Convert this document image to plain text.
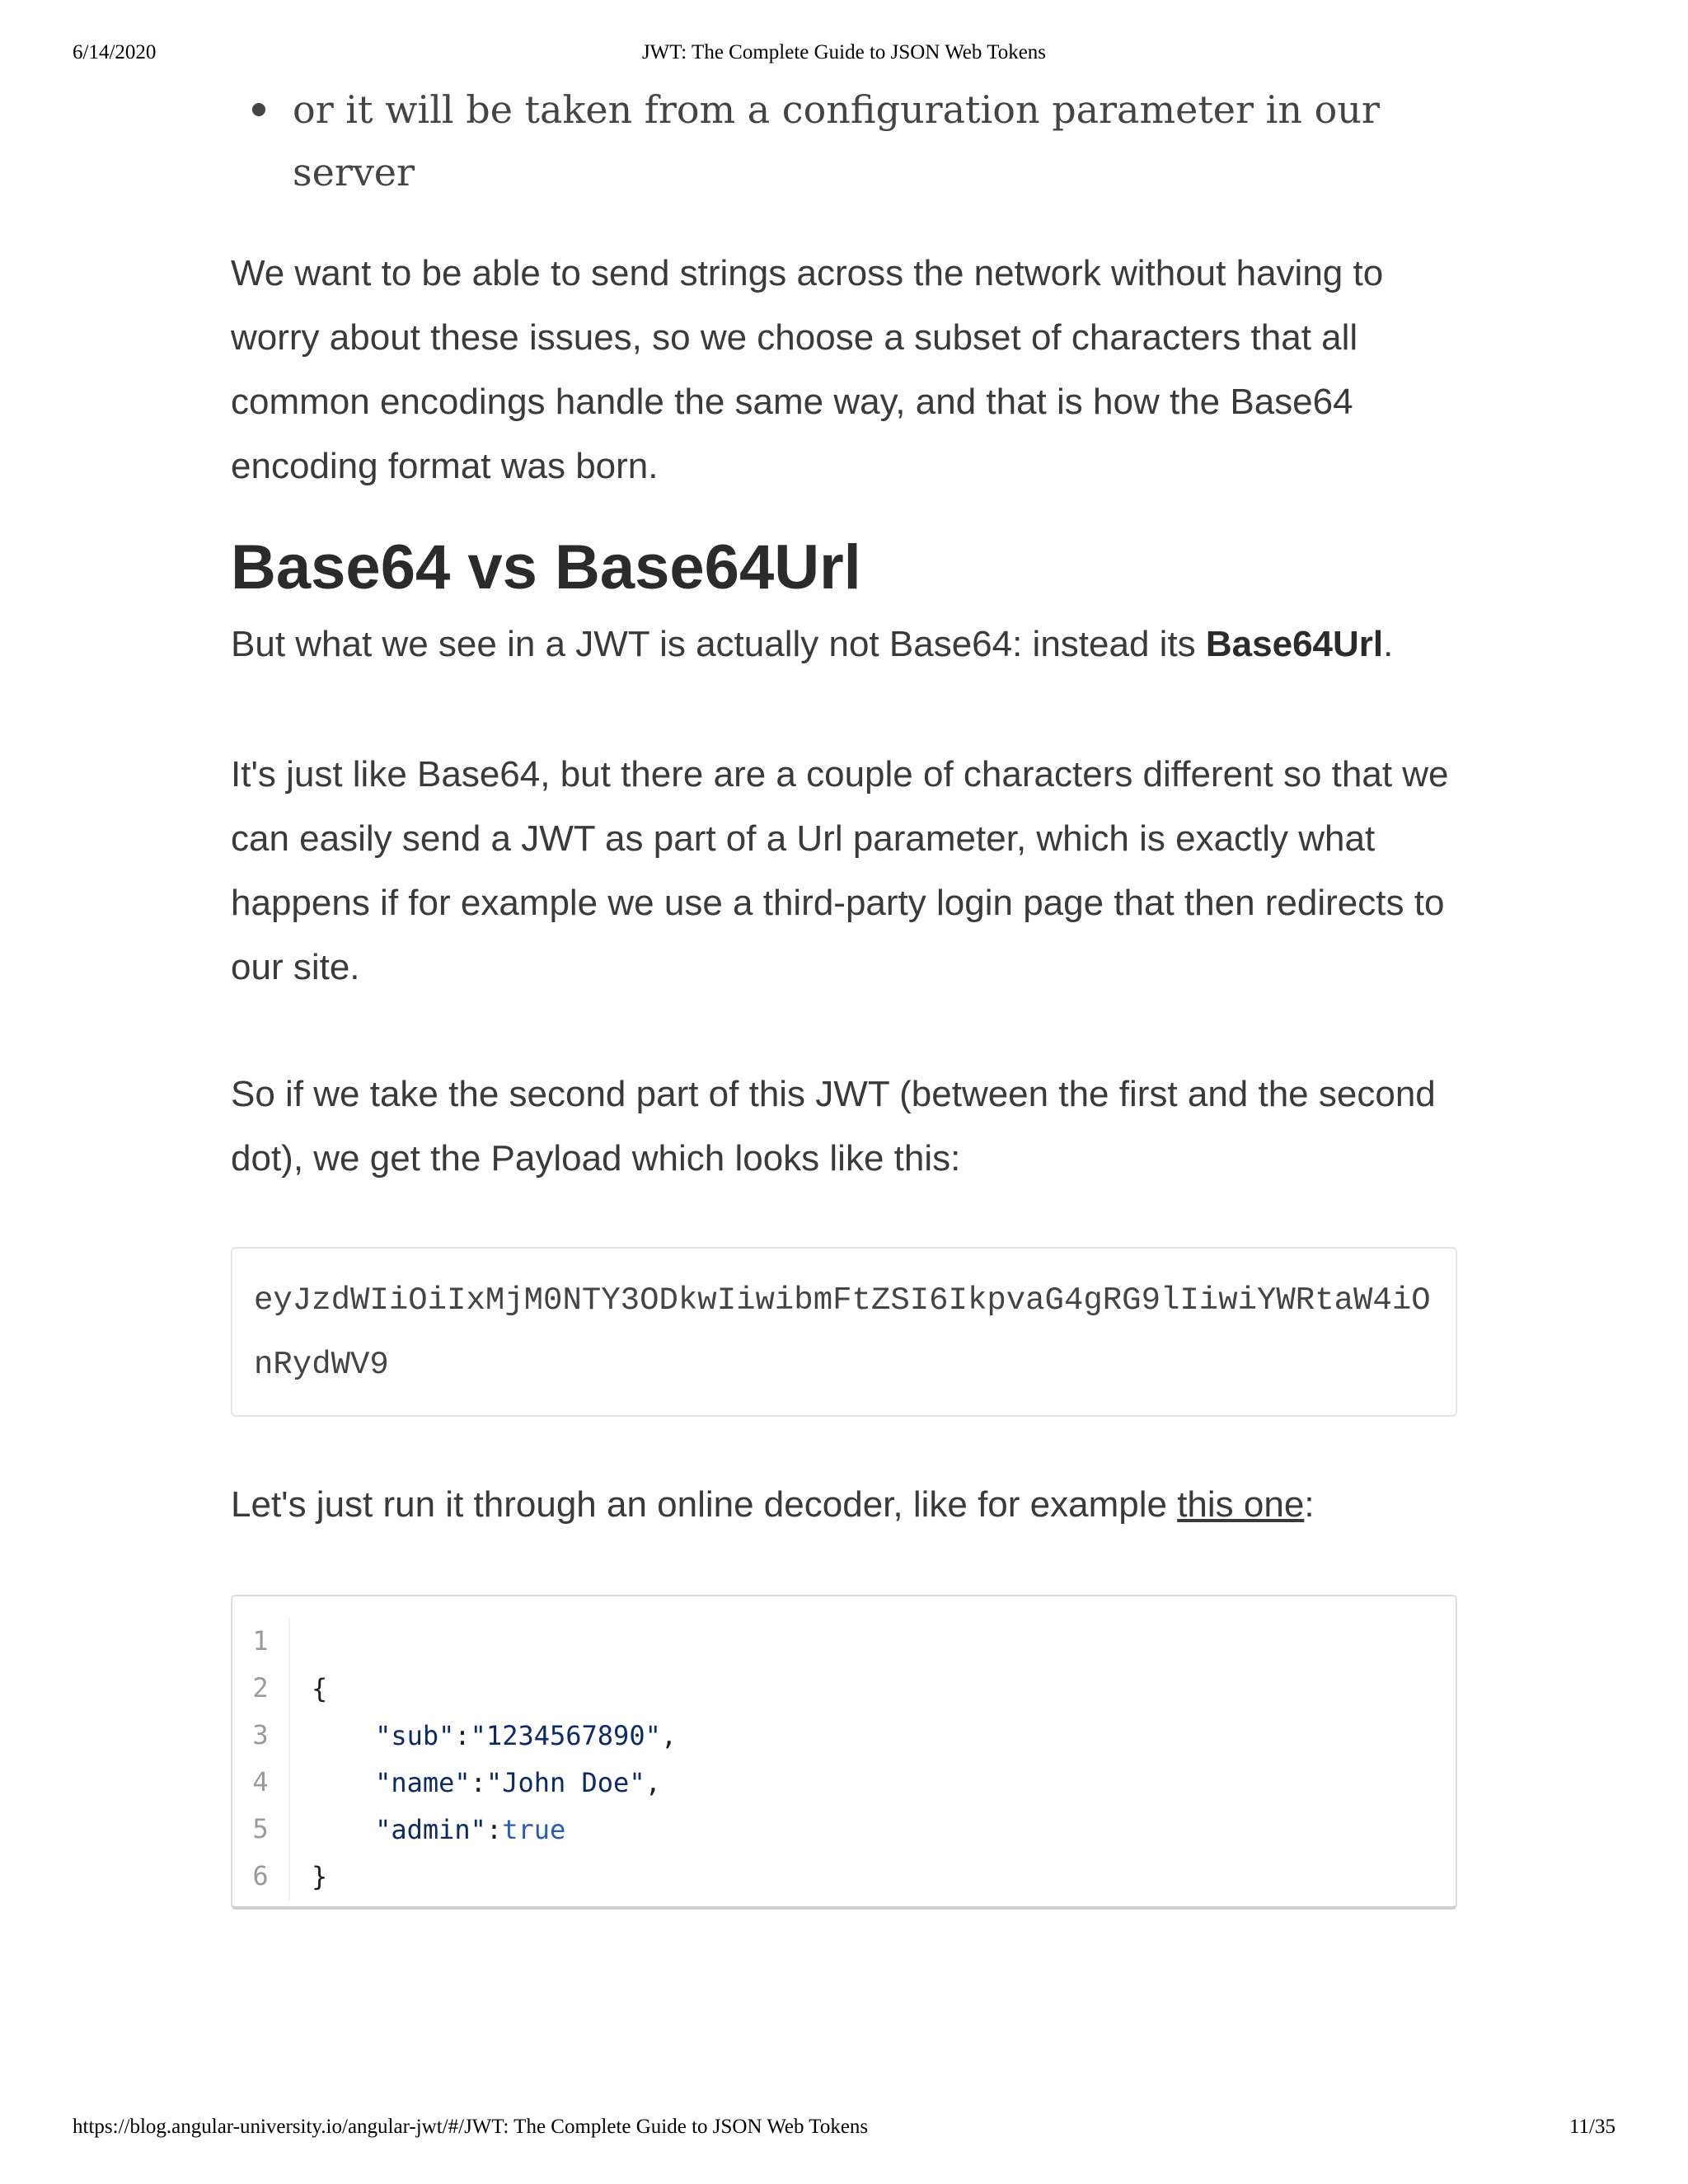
6/14/2020	JWT: The Complete Guide to JSON Web Tokens

or it will be taken from a configuration parameter in our server

We want to be able to send strings across the network without having to worry about these issues, so we choose a subset of characters that all common encodings handle the same way, and that is how the Base64 encoding format was born.

Base64 vs Base64Url

But what we see in a JWT is actually not Base64: instead its Base64Url.

It's just like Base64, but there are a couple of characters different so that we can easily send a JWT as part of a Url parameter, which is exactly what happens if for example we use a third-party login page that then redirects to our site.

So if we take the second part of this JWT (between the first and the second dot), we get the Payload which looks like this:

eyJzdWIiOiIxMjM0NTY3ODkwIiwibmFtZSI6IkpvaG4gRG9lIiwiYWRtaW4iOnRydWV9

Let's just run it through an online decoder, like for example this one:

1
2	{
3	"sub":"1234567890",
4	"name":"John Doe",
5	"admin":true
6	}
https://blog.angular-university.io/angular-jwt/#/JWT: The Complete Guide to JSON Web Tokens	11/35
